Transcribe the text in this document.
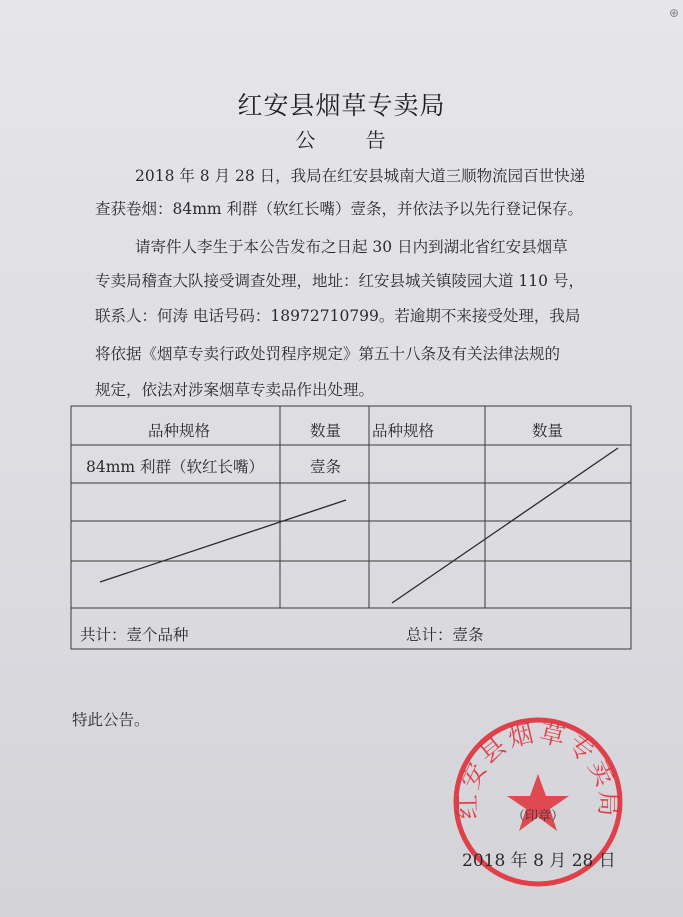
⊕
红安县烟草专卖局
公 告
2018 年 8 月 28 日，我局在红安县城南大道三顺物流园百世快递
查获卷烟：84mm 利群（软红长嘴）壹条，并依法予以先行登记保存。
请寄件人李生于本公告发布之日起 30 日内到湖北省红安县烟草
专卖局稽查大队接受调查处理，地址：红安县城关镇陵园大道 110 号，
联系人：何涛 电话号码：18972710799。若逾期不来接受处理，我局
将依据《烟草专卖行政处罚程序规定》第五十八条及有关法律法规的
规定，依法对涉案烟草专卖品作出处理。
品种规格	数量 品种规格	数量
84mm 利群（软红长嘴）	壹条
共计：壹个品种	总计：壹条
特此公告。
红安县烟草专卖局
（印章）
2018 年 8 月 28 日
